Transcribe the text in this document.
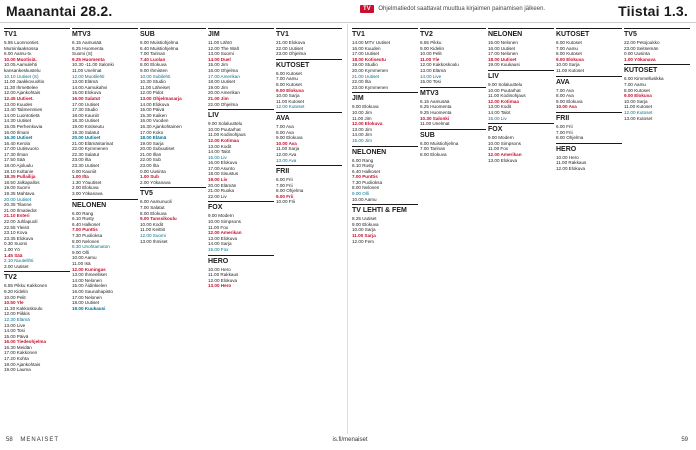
Maanantai 28.2.	TV Ohjelmatiedot saattavat muuttua kirjaimen painamisen jälkeen.	Tiistai 1.3.
TV1
5.55 Luonnontiet.
Muminlaaksossa
6.00 Aamu-tv.
10.00 Muotisiä.
10.05 Aamulehti
kansankeskustelu
10.10 Uutiset (S)
11.00 Jaakkovuoltio
11.30 Ihmettelee
12.00 Ajankohtais
12.45 Uutiset.
13.00 Kuudes
13.40 Talimenmies
14.00 Luontotietä
14.30 Uutiset
15.05 Perhenkuvia
16.00 Ilmani
16.30 Uutiset
16.40 Kerola
17.00 Uutisvuoro
17.30 Ilman
17.50 Sää
18.00 Ajoluulu
18.10 Kultanie
18.35 Pullailija
18.50 Jalkapallos
19.00 Suomi
19.35 Mahtava
20.00 Uutiset
20.35 Tilanne
21.00 Ilmatiedot
21.10 Esteri
22.00 Juhlapuoli
22.55 Yleisö
23.10 Kova
23.35 Elokuva
0.30 Suomi
1.00 Yö
1.45 Sää
2.10 Nuutelihti
3.00 Uutiset
TV2
6.55 Pikku Kakkonen
9.20 Kidelin
10.00 Pelit
10.50 Yle
11.30 Kakkoskoulu
12.00 Piikkis
12.30 Elämä
13.00 Live
14.00 Tosi
15.00 Päivä
16.00 Tiedeohjelma
16.30 Meidän
17.00 Kakkonen
17.20 Kohta
18.00 Ajankohtais
19.00 Lauma
MTV3
6.15 Aamusää
6.25 Huomenta
Suomi (S)
9.25 Huomenta
10.30 -11.00 Salonki
11.00 Unelmat
12.00 Muotilehti
13.00 Elämä
14.00 Aamukahvi
15.00 Elokuva
16.00 Salatut
17.00 Uutiset
17.30 Studio
18.00 Kauniit
18.30 Uutiset
19.00 Kotiseutu
19.30 Salatut
20.00 Uutiset
21.00 Elämäntarinat
22.00 Kymmenen
22.30 Salatut
23.00 Ilta
23.30 Uutiset
0.00 Kauniit
1.00 Ilta
1.30 Yöuutiset
2.00 Elokuva
3.00 Yökanava
NELONEN
6.00 Rang
6.10 Rusty
6.40 Halkoset
7.00 Punttis
7.30 Puolioksa
8.00 Nelonen
8.30 Unohtamaton
9.00 Olli
10.00 Aamu
11.00 Isä
12.00 Kuningas
13.00 Ihmeelliset
14.00 Nelonen
15.00 Äidinkielen
16.00 Saunahapisto
17.00 Nelonen
18.00 Uutiset
19.00 Kuukausi
SUB
6.00 Muistiohjelma
6.40 Muistiohjelma
7.00 Tarinan
7.40 Luolan
8.00 Elokuva
9.00 Ihmisten
10.00 Subilehti
10.30 Studio
11.00 Läheiset
12.00 Pidot
13.00 Ohjelmasarja
14.00 Elokuva
15.00 Päivä
15.30 Kaiken
16.00 Vuoden
16.30 Ajankohtainen
17.00 Koko
18.00 Elämä
19.00 Sarja
20.00 Subuutiset
21.00 Illan
22.00 Sub
23.00 Ilta
0.00 Uusinta
1.00 Sub
2.00 Yökanava
TV5
6.00 Aamunuoli
7.00 Salatut
8.00 Elokuva
9.00 Tanssikoulu
10.00 Kodit
11.00 Keittiö
12.00 Suomi
13.00 Ihmiset
JIM
11.00 Lähtö
12.00 The Walt
13.00 Suomi
14.00 Duel
15.00 Jim
16.00 Ohjelma
17.00 Amerikan
18.00 Uutiset
19.00 Jim
20.00 Amerikan
21.00 Jim
22.00 Ohjelma
LIV
9.00 Solaluuttelu
10.00 Puutarhat
11.00 Kodinohjaus
12.00 Kotimaa
13.00 Kodit
14.00 Talot
15.00 Liv
16.00 Elokuva
17.00 Asunto
18.00 Sisustus
19.00 Liv
20.00 Elämän
21.00 Ruoka
22.00 Liv
FOX
9.00 Modern
10.00 Simpsons
11.00 Fox
12.00 Amerikan
13.00 Elokuva
14.00 Sarja
15.00 Fox
HERO
10.00 Hero
11.00 Rakkaus
12.00 Elokuva
13.00 Hero
TV1
21.00 Elokuva
22.00 Uutiset
23.00 Ohjelma
KUTOSET
6.00 Kutoset
7.00 Aamu
8.00 Kutoset
9.00 Elokuva
10.00 Sarja
11.00 Kutoset
12.00 Kutoset
AVA
7.00 Ava
8.00 Ava
9.00 Elokuva
10.00 Ava
11.00 Sarja
12.00 Ava
13.00 Ava
FRII
6.00 Frii
7.00 Frii
8.00 Ohjelma
9.00 Frii
10.00 Frii
TV1
14.00 MTV Uutiset
16.00 Kuuden
17.00 Uutiset
18.00 Kotiseutu
19.00 Studio
20.00 Kymmenen
21.00 Uutiset
22.00 Ilta
23.00 Kymmenen
JIM
9.00 Elokuva
10.00 Jim
11.00 Jim
12.00 Elokuva
13.00 Jim
14.00 Jim
15.00 Jim
NELONEN
6.00 Rang
6.10 Rusty
6.40 Halkoset
7.00 Punttis
7.30 Puolioksa
8.00 Nelonen
9.00 Olli
10.00 Aamu
TV LEHTI & FEM
8.25 Uutiset
9.00 Elokuva
10.00 Sarja
11.00 Sarja
12.00 Fem
TV2
6.55 Pikku
9.00 Kidelin
10.00 Pelit
11.00 Yle
12.00 Kakkoskoulu
13.00 Elämä
14.00 Live
15.00 Tosi
MTV3
6.15 Aamusää
6.25 Huomenta
9.25 Huomenta
10.30 Salonki
11.00 Unelmat
SUB
6.00 Muistiohjelma
7.00 Tarinan
8.00 Elokuva
NELONEN
15.00 Nelonen
16.00 Uutiset
17.00 Nelonen
18.00 Uutiset
19.00 Kuukausi
LIV
9.00 Solaluuttelu
10.00 Puutarhat
11.00 Kodinohjaus
12.00 Kotimaa
13.00 Kodit
14.00 Talot
15.00 Liv
FOX
9.00 Modern
10.00 Simpsons
11.00 Fox
12.00 Amerikan
13.00 Elokuva
KUTOSET
6.00 Kutoset
7.00 Aamu
8.00 Kutoset
9.00 Elokuva
10.00 Sarja
11.00 Kutoset
AVA
7.00 Ava
8.00 Ava
9.00 Elokuva
10.00 Ava
FRII
6.00 Frii
7.00 Frii
8.00 Ohjelma
HERO
10.00 Hero
11.00 Rakkaus
12.00 Elokuva
TV5
22.00 Petojoukko
23.00 Seitsemän
0.00 Uusinta
1.00 Yökanava
KUTOSET
6.00 Kimmellusikka
7.00 Aamu
8.00 Kutoset
9.00 Elokuva
10.00 Sarja
11.00 Kutoset
12.00 Kutoset
13.00 Kutoset
58 MENAISET	is.fi/menaiset	59
